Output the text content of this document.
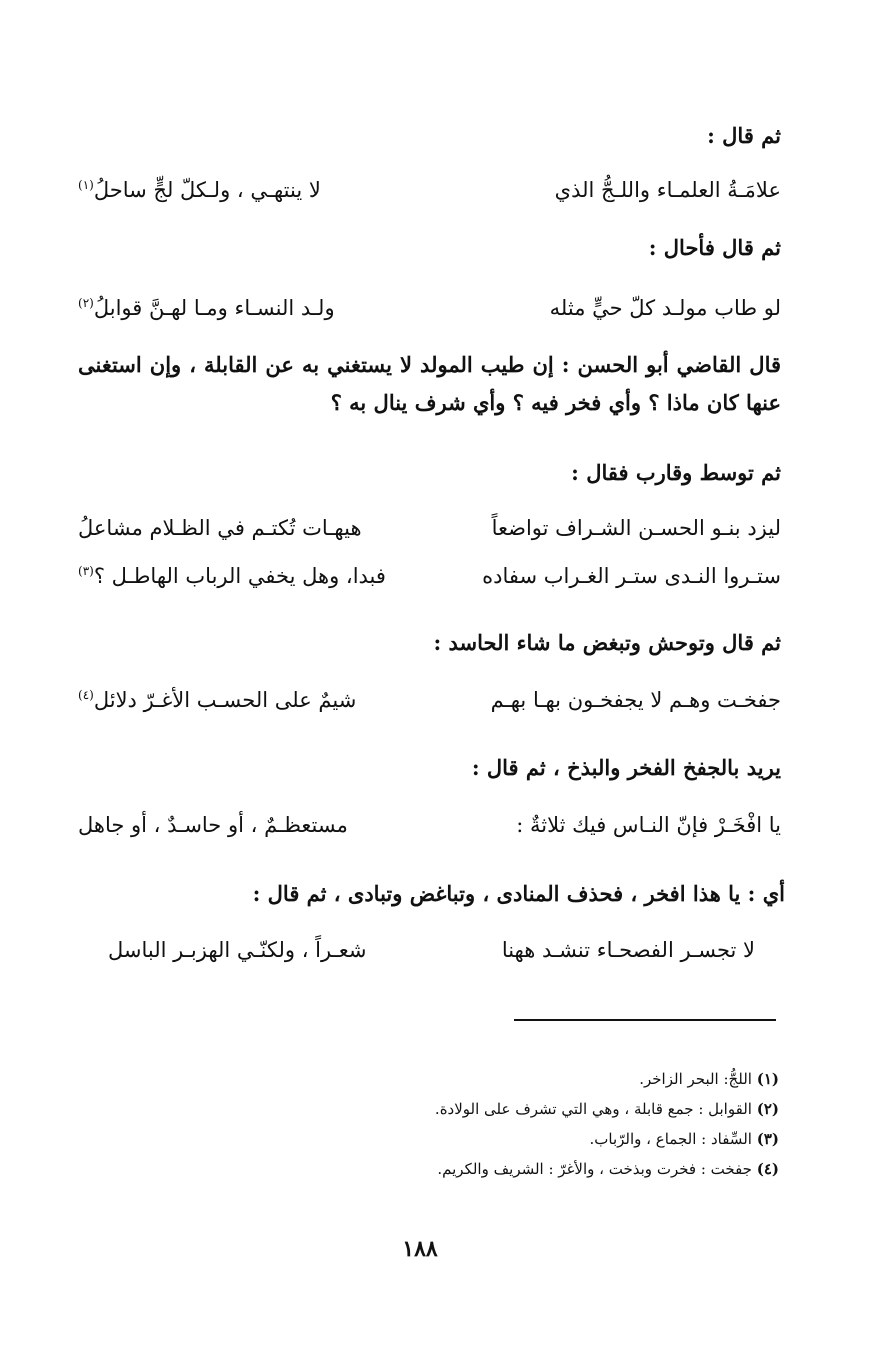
ثم قال :
علامَـةُ العلمـاء واللـجُّ الذي
لا ينتهـي ، ولـكلّ لجٍّ ساحلُ$^{(١)}$
ثم قال فأحال :
لو طاب مولـد كلّ حيٍّ مثله
ولـد النسـاء ومـا لهـنَّ قوابلُ$^{(٢)}$
قال القاضي أبو الحسن : إن طيب المولد لا يستغني به عن القابلة ، وإن استغنى عنها كان ماذا ؟ وأي فخر فيه ؟ وأي شرف ينال به ؟
ثم توسط وقارب فقال :
ليزد بنـو الحسـن الشـراف تواضعاً
هيهـات تُكتـم في الظـلام مشاعلُ
ستـروا النـدى ستـر الغـراب سفاده
فبدا، وهل يخفي الرباب الهاطـل ؟$^{(٣)}$
ثم قال وتوحش وتبغض ما شاء الحاسد :
جفخـت وهـم لا يجفخـون بهـا بهـم
شيمٌ على الحسـب الأغـرّ دلائل$^{(٤)}$
يريد بالجفخ الفخر والبذخ ، ثم قال :
يا افْخَـرْ فإنّ النـاس فيك ثلاثةٌ :
مستعظـمٌ ، أو حاسـدٌ ، أو جاهل
أي : يا هذا افخر ، فحذف المنادى ، وتباغض وتبادى ، ثم قال :
لا تجسـر الفصحـاء تنشـد ههنا
شعـراً ، ولكنّـي الهزبـر الباسل
(١) اللجُّ: البحر الزاخر.
(٢) القوابل : جمع قابلة ، وهي التي تشرف على الولادة.
(٣) السِّفاد : الجماع ، والرّباب.
(٤) جفخت : فخرت وبذخت ، والأغرّ : الشريف والكريم.
١٨٨
